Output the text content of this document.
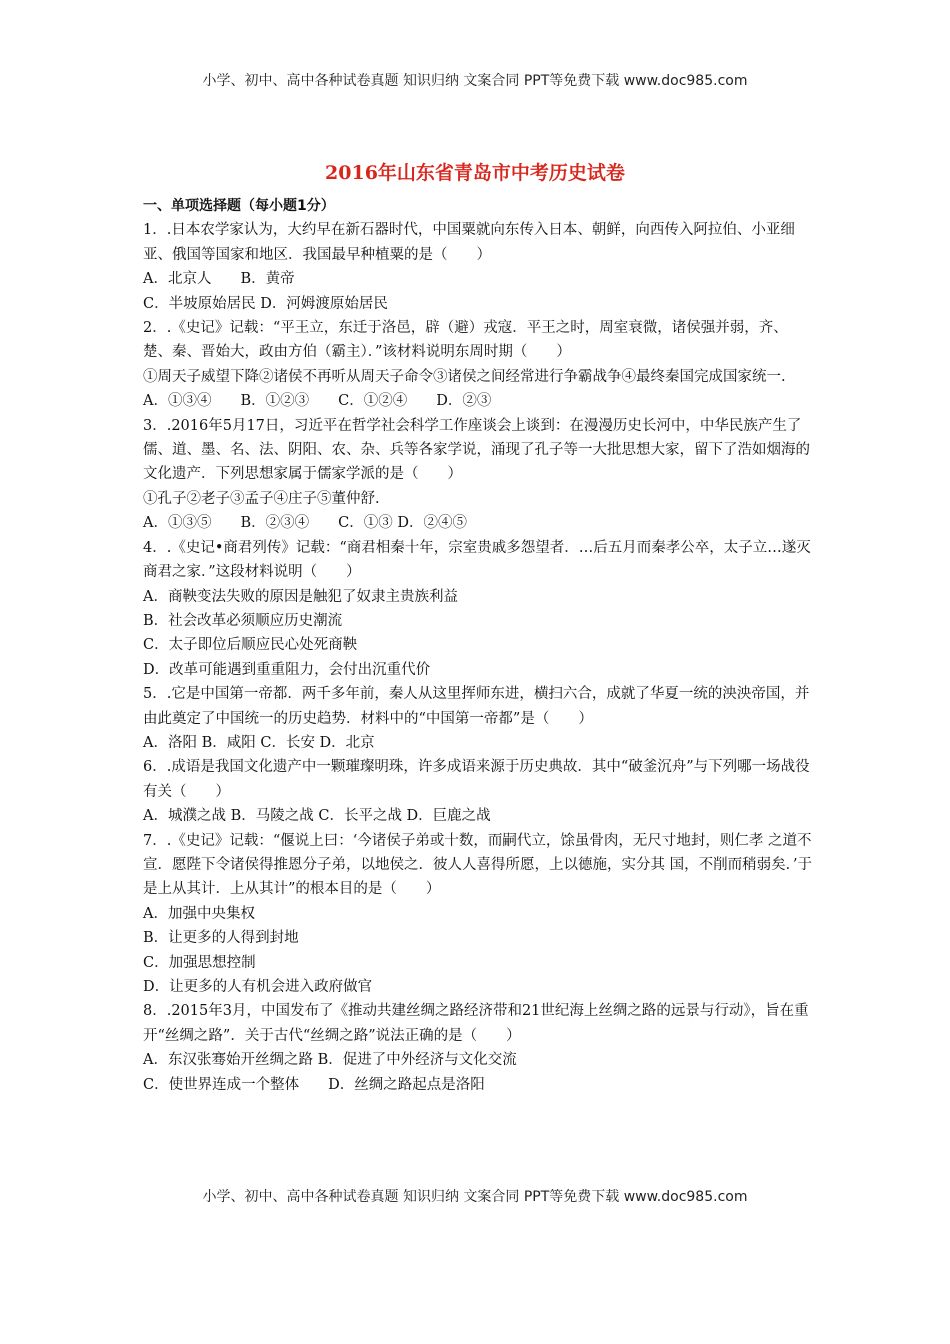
小学、初中、高中各种试卷真题 知识归纳 文案合同 PPT等免费下载 www.doc985.com
2016年山东省青岛市中考历史试卷
一、单项选择题（每小题1分）

1．.日本农学家认为，大约早在新石器时代，中国粟就向东传入日本、朝鲜，向西传入阿拉伯、小亚细亚、俄国等国家和地区．我国最早种植粟的是（　　）

A．北京人　　B．黄帝

C．半坡原始居民 D．河姆渡原始居民

2．.《史记》记载：“平王立，东迁于洛邑，辟（避）戎寇．平王之时，周室衰微，诸侯强并弱，齐、楚、秦、晋始大，政由方伯（霸主）．”该材料说明东周时期（　　）

①周天子威望下降②诸侯不再听从周天子命令③诸侯之间经常进行争霸战争④最终秦国完成国家统一.

A．①③④　　B．①②③　　C．①②④　　D．②③

3．.2016年5月17日，习近平在哲学社会科学工作座谈会上谈到：在漫漫历史长河中，中华民族产生了儒、道、墨、名、法、阴阳、农、杂、兵等各家学说，涌现了孔子等一大批思想大家，留下了浩如烟海的文化遗产．下列思想家属于儒家学派的是（　　）

①孔子②老子③孟子④庄子⑤董仲舒.

A．①③⑤　　B．②③④　　C．①③ D．②④⑤

4．.《史记•商君列传》记载：“商君相秦十年，宗室贵戚多怨望者．…后五月而秦孝公卒，太子立…遂灭商君之家．”这段材料说明（　　）

A．商鞅变法失败的原因是触犯了奴隶主贵族利益

B．社会改革必须顺应历史潮流

C．太子即位后顺应民心处死商鞅

D．改革可能遇到重重阻力，会付出沉重代价

5．.它是中国第一帝都．两千多年前，秦人从这里挥师东进，横扫六合，成就了华夏一统的泱泱帝国，并由此奠定了中国统一的历史趋势．材料中的“中国第一帝都”是（　　）

A．洛阳 B．咸阳 C．长安 D．北京

6．.成语是我国文化遗产中一颗璀璨明珠，许多成语来源于历史典故．其中“破釜沉舟”与下列哪一场战役有关（　　）

A．城濮之战 B．马陵之战 C．长平之战 D．巨鹿之战

7．.《史记》记载：“偃说上曰：‘今诸侯子弟或十数，而嗣代立，馀虽骨肉，无尺寸地封，则仁孝 之道不宣．愿陛下令诸侯得推恩分子弟，以地侯之．彼人人喜得所愿，上以德施，实分其 国，不削而稍弱矣．’于是上从其计．上从其计”的根本目的是（　　）

A．加强中央集权

B．让更多的人得到封地

C．加强思想控制

D．让更多的人有机会进入政府做官

8．.2015年3月，中国发布了《推动共建丝绸之路经济带和21世纪海上丝绸之路的远景与行动》，旨在重开“丝绸之路”．关于古代“丝绸之路”说法正确的是（　　）

A．东汉张骞始开丝绸之路 B．促进了中外经济与文化交流

C．使世界连成一个整体　　D．丝绸之路起点是洛阳

小学、初中、高中各种试卷真题 知识归纳 文案合同 PPT等免费下载 www.doc985.com
